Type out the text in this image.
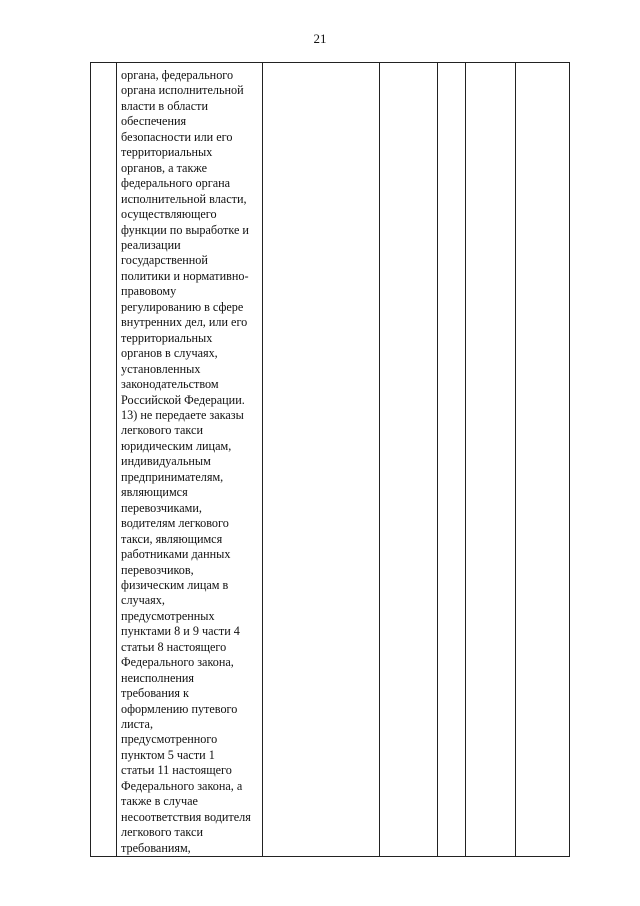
21

органа, федерального
органа исполнительной
власти в области
обеспечения
безопасности или его
территориальных
органов, а также
федерального органа
исполнительной власти,
осуществляющего
функции по выработке и
реализации
государственной
политики и нормативно-
правовому
регулированию в сфере
внутренних дел, или его
территориальных
органов в случаях,
установленных
законодательством
Российской Федерации.
13) не передаете заказы
легкового такси
юридическим лицам,
индивидуальным
предпринимателям,
являющимся
перевозчиками,
водителям легкового
такси, являющимся
работниками данных
перевозчиков,
физическим лицам в
случаях,
предусмотренных
пунктами 8 и 9 части 4
статьи 8 настоящего
Федерального закона,
неисполнения
требования к
оформлению путевого
листа,
предусмотренного
пунктом 5 части 1
статьи 11 настоящего
Федерального закона, а
также в случае
несоответствия водителя
легкового такси
требованиям,
